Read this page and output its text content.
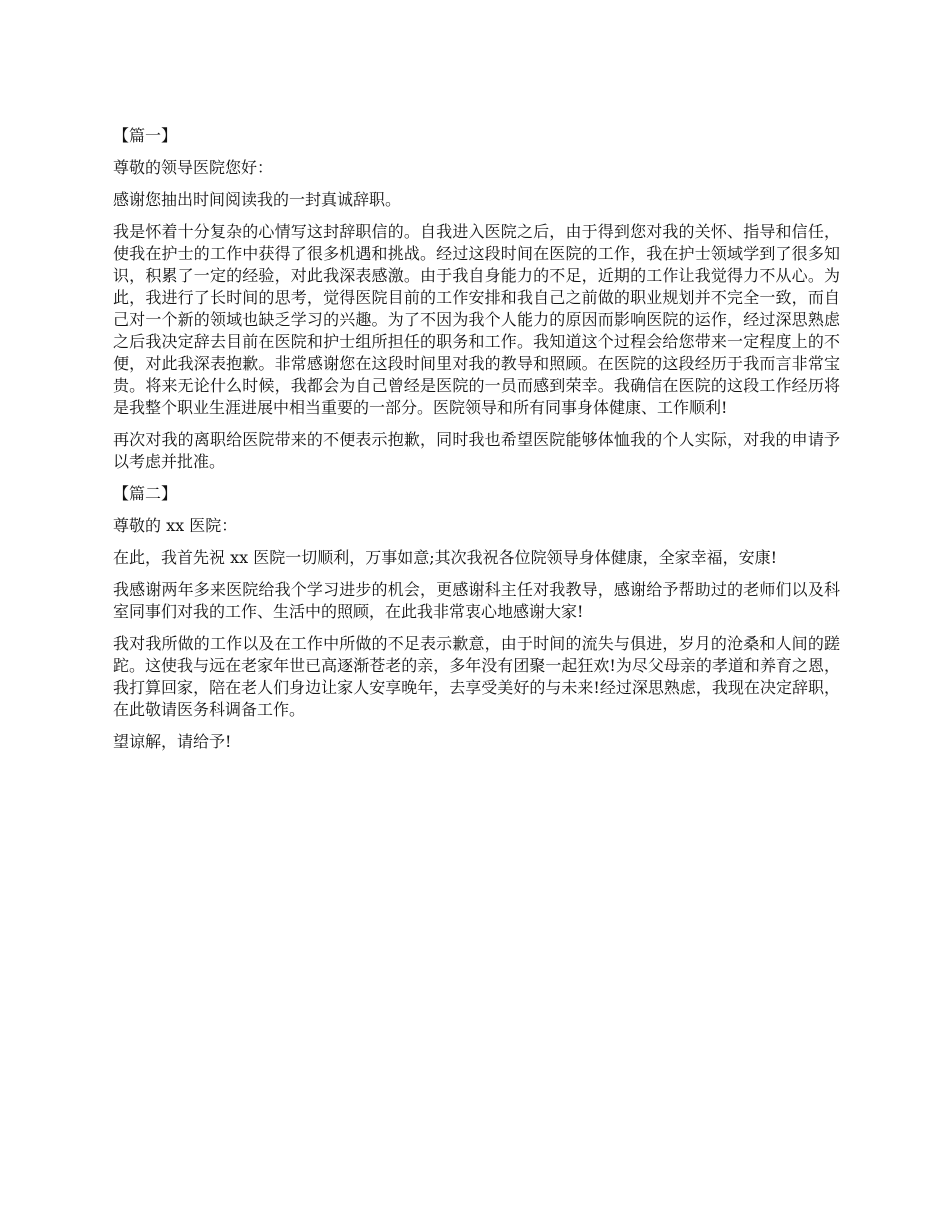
【篇一】

尊敬的领导医院您好：

感谢您抽出时间阅读我的一封真诚辞职。

我是怀着十分复杂的心情写这封辞职信的。自我进入医院之后，由于得到您对我的关怀、指导和信任，使我在护士的工作中获得了很多机遇和挑战。经过这段时间在医院的工作，我在护士领域学到了很多知识，积累了一定的经验，对此我深表感激。由于我自身能力的不足，近期的工作让我觉得力不从心。为此，我进行了长时间的思考，觉得医院目前的工作安排和我自己之前做的职业规划并不完全一致，而自己对一个新的领域也缺乏学习的兴趣。为了不因为我个人能力的原因而影响医院的运作，经过深思熟虑之后我决定辞去目前在医院和护士组所担任的职务和工作。我知道这个过程会给您带来一定程度上的不便，对此我深表抱歉。非常感谢您在这段时间里对我的教导和照顾。在医院的这段经历于我而言非常宝贵。将来无论什么时候，我都会为自己曾经是医院的一员而感到荣幸。我确信在医院的这段工作经历将是我整个职业生涯进展中相当重要的一部分。医院领导和所有同事身体健康、工作顺利!

再次对我的离职给医院带来的不便表示抱歉，同时我也希望医院能够体恤我的个人实际，对我的申请予以考虑并批准。

【篇二】

尊敬的 xx 医院：

在此，我首先祝 xx 医院一切顺利，万事如意;其次我祝各位院领导身体健康，全家幸福，安康!

我感谢两年多来医院给我个学习进步的机会，更感谢科主任对我教导，感谢给予帮助过的老师们以及科室同事们对我的工作、生活中的照顾，在此我非常衷心地感谢大家!

我对我所做的工作以及在工作中所做的不足表示歉意，由于时间的流失与俱进，岁月的沧桑和人间的蹉跎。这使我与远在老家年世已高逐渐苍老的亲，多年没有团聚一起狂欢!为尽父母亲的孝道和养育之恩，我打算回家，陪在老人们身边让家人安享晚年，去享受美好的与未来!经过深思熟虑，我现在决定辞职，在此敬请医务科调备工作。

望谅解，请给予!
